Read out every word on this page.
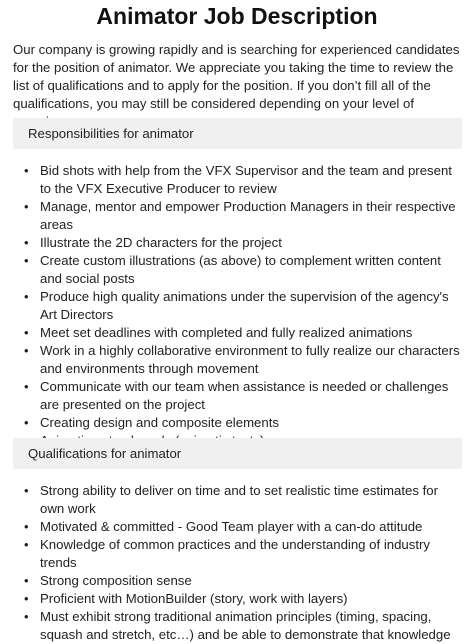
Animator Job Description

Our company is growing rapidly and is searching for experienced candidates for the position of animator. We appreciate you taking the time to review the list of qualifications and to apply for the position. If you don’t fill all of the qualifications, you may still be considered depending on your level of

Responsibilities for animator
• Bid shots with help from the VFX Supervisor and the team and present to the VFX Executive Producer to review
• Manage, mentor and empower Production Managers in their respective areas
• Illustrate the 2D characters for the project
• Create custom illustrations (as above) to complement written content and social posts
• Produce high quality animations under the supervision of the agency's Art Directors
• Meet set deadlines with completed and fully realized animations
• Work in a highly collaborative environment to fully realize our characters and environments through movement
• Communicate with our team when assistance is needed or challenges are presented on the project
• Creating design and composite elements
Qualifications for animator
• Strong ability to deliver on time and to set realistic time estimates for own work
• Motivated & committed - Good Team player with a can-do attitude
• Knowledge of common practices and the understanding of industry trends
• Strong composition sense
• Proficient with MotionBuilder (story, work with layers)
• Must exhibit strong traditional animation principles (timing, spacing, squash and stretch, etc…) and be able to demonstrate that knowledge
